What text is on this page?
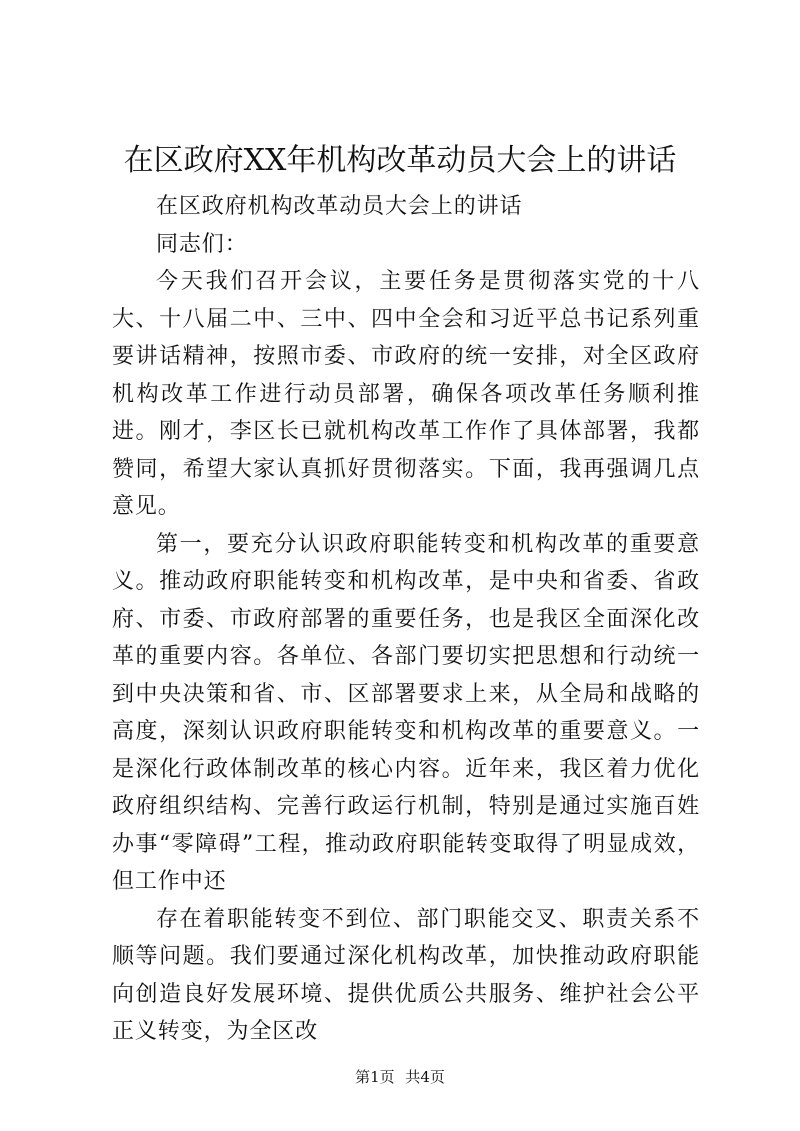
在区政府XX年机构改革动员大会上的讲话

在区政府机构改革动员大会上的讲话

同志们：

今天我们召开会议，主要任务是贯彻落实党的十八大、十八届二中、三中、四中全会和习近平总书记系列重要讲话精神，按照市委、市政府的统一安排，对全区政府机构改革工作进行动员部署，确保各项改革任务顺利推进。刚才，李区长已就机构改革工作作了具体部署，我都赞同，希望大家认真抓好贯彻落实。下面，我再强调几点意见。

第一，要充分认识政府职能转变和机构改革的重要意义。推动政府职能转变和机构改革，是中央和省委、省政府、市委、市政府部署的重要任务，也是我区全面深化改革的重要内容。各单位、各部门要切实把思想和行动统一到中央决策和省、市、区部署要求上来，从全局和战略的高度，深刻认识政府职能转变和机构改革的重要意义。一是深化行政体制改革的核心内容。近年来，我区着力优化政府组织结构、完善行政运行机制，特别是通过实施百姓办事“零障碍”工程，推动政府职能转变取得了明显成效，但工作中还

存在着职能转变不到位、部门职能交叉、职责关系不顺等问题。我们要通过深化机构改革，加快推动政府职能向创造良好发展环境、提供优质公共服务、维护社会公平正义转变，为全区改

第1页 共4页
